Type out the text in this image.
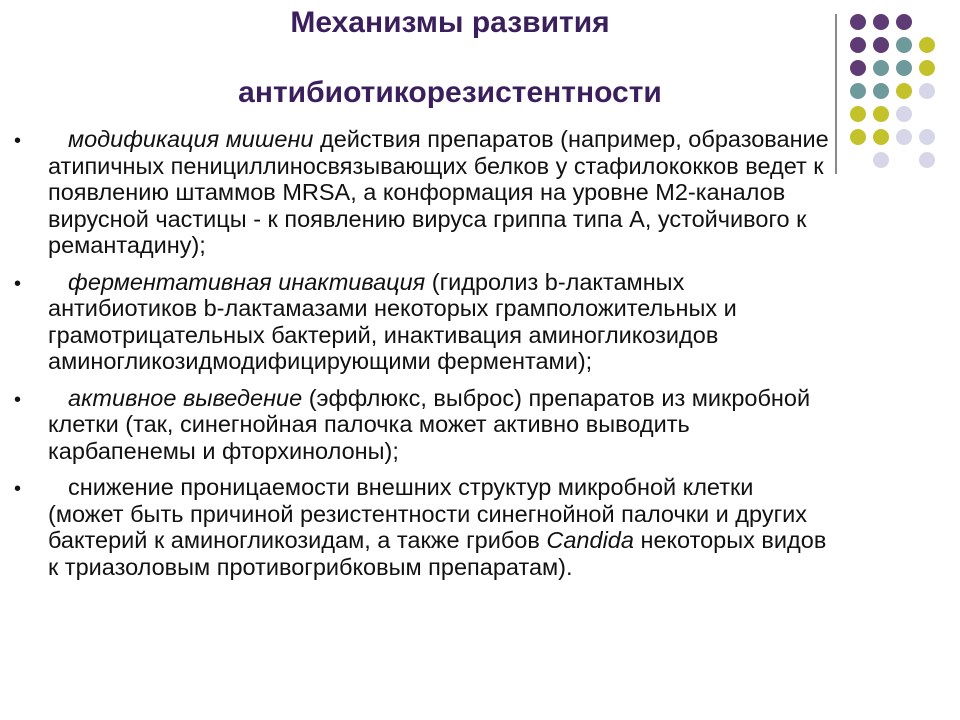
Механизмы развития
антибиотикорезистентности
• модификация мишени действия препаратов (например, образование атипичных пенициллиносвязывающих белков у стафилококков ведет к появлению штаммов MRSA, а конформация на уровне М2-каналов вирусной частицы - к появлению вируса гриппа типа А, устойчивого к ремантадину);
• ферментативная инактивация (гидролиз b-лактамных антибиотиков b-лактамазами некоторых грамположительных и грамотрицательных бактерий, инактивация аминогликозидов аминогликозидмодифицирующими ферментами);
• активное выведение (эффлюкс, выброс) препаратов из микробной клетки (так, синегнойная палочка может активно выводить карбапенемы и фторхинолоны);
• снижение проницаемости внешних структур микробной клетки (может быть причиной резистентности синегнойной палочки и других бактерий к аминогликозидам, а также грибов Candida некоторых видов к триазоловым противогрибковым препаратам).
